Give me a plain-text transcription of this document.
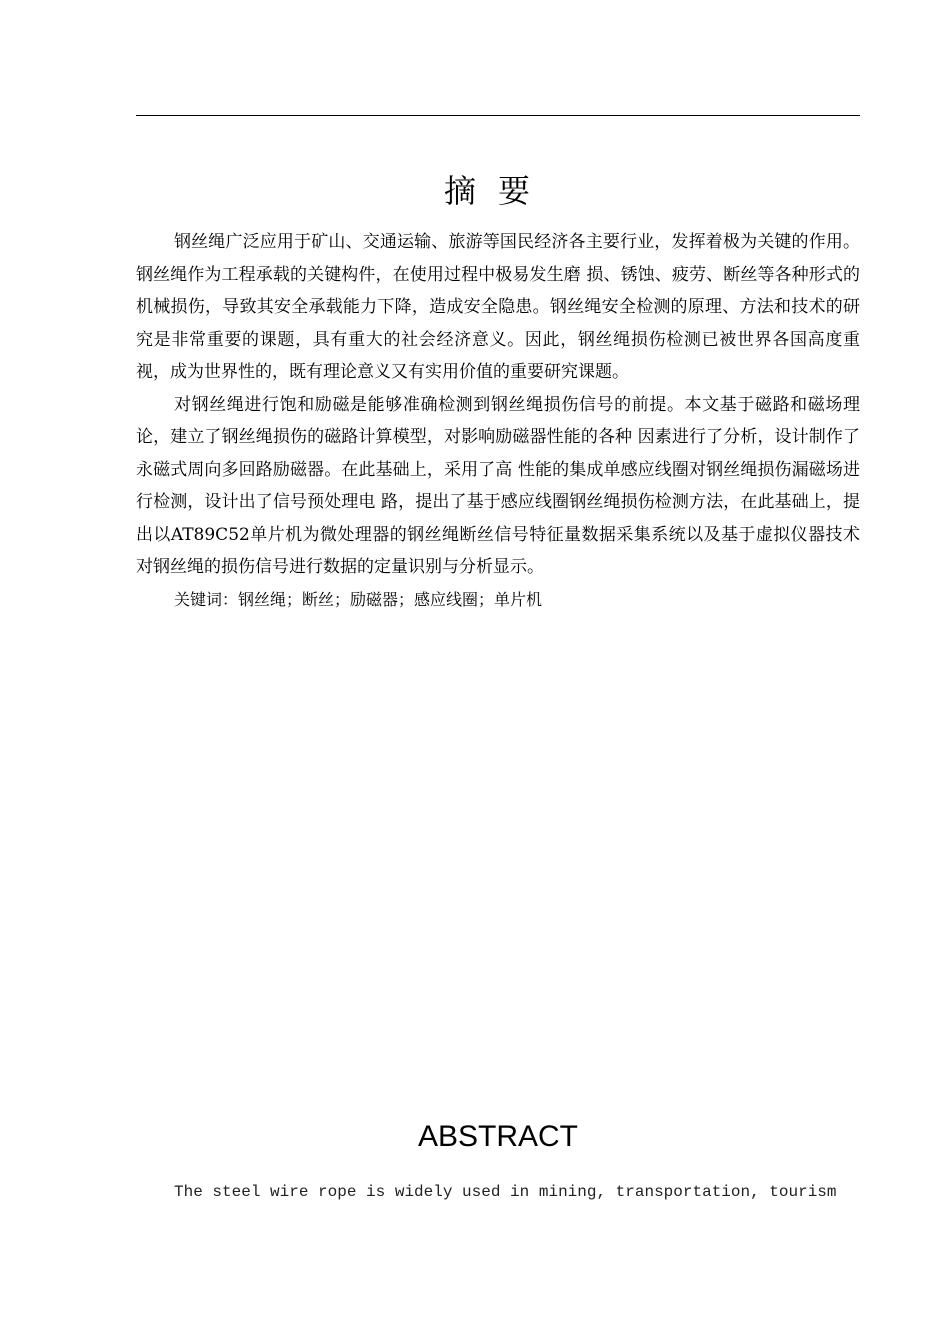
摘要

钢丝绳广泛应用于矿山、交通运输、旅游等国民经济各主要行业，发挥着极为关键的作用。钢丝绳作为工程承载的关键构件，在使用过程中极易发生磨 损、锈蚀、疲劳、断丝等各种形式的机械损伤，导致其安全承载能力下降，造成安全隐患。钢丝绳安全检测的原理、方法和技术的研究是非常重要的课题，具有重大的社会经济意义。因此，钢丝绳损伤检测已被世界各国高度重视，成为世界性的，既有理论意义又有实用价值的重要研究课题。

对钢丝绳进行饱和励磁是能够准确检测到钢丝绳损伤信号的前提。本文基于磁路和磁场理论，建立了钢丝绳损伤的磁路计算模型，对影响励磁器性能的各种 因素进行了分析，设计制作了永磁式周向多回路励磁器。在此基础上，采用了高 性能的集成单感应线圈对钢丝绳损伤漏磁场进行检测，设计出了信号预处理电 路，提出了基于感应线圈钢丝绳损伤检测方法，在此基础上，提出以AT89C52单片机为微处理器的钢丝绳断丝信号特征量数据采集系统以及基于虚拟仪器技术对钢丝绳的损伤信号进行数据的定量识别与分析显示。

关键词：钢丝绳；断丝；励磁器；感应线圈；单片机

ABSTRACT
The steel wire rope is widely used in mining, transportation, tourism
